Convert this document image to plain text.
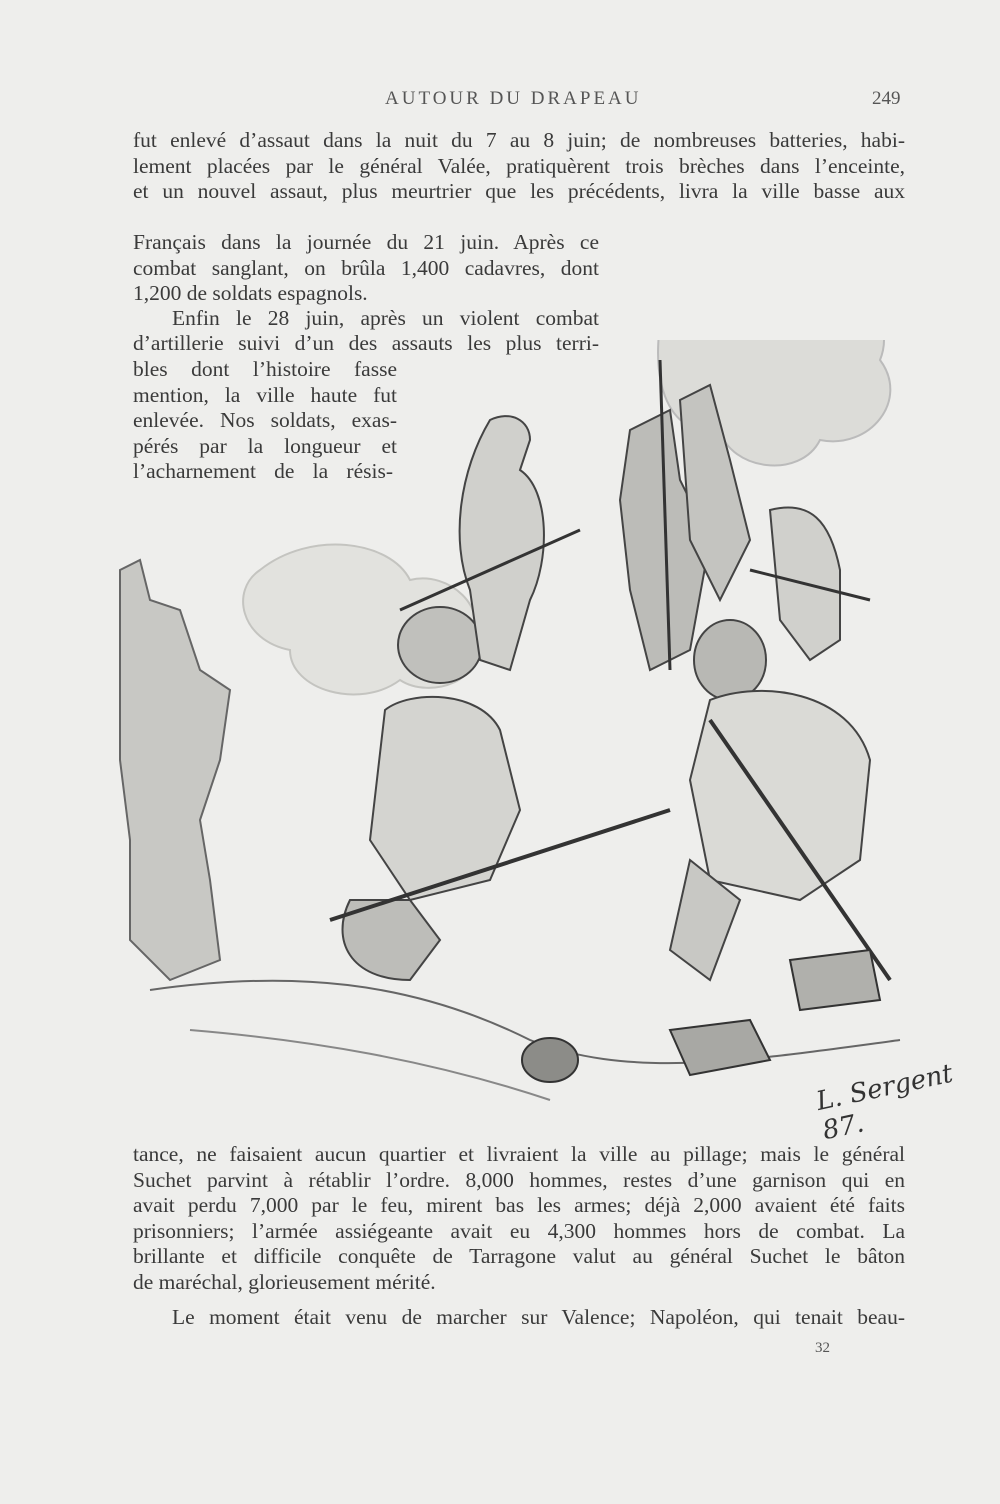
AUTOUR DU DRAPEAU	249
fut enlevé d’assaut dans la nuit du 7 au 8 juin; de nombreuses batteries, habi-
lement placées par le général Valée, pratiquèrent trois brèches dans l’enceinte,
et un nouvel assaut, plus meurtrier que les précédents, livra la ville basse aux
Français dans la journée du 21 juin. Après ce
combat sanglant, on brûla 1,400 cadavres, dont
1,200 de soldats espagnols.
Enfin le 28 juin, après un violent combat
d’artillerie suivi d’un des assauts les plus terri-
bles dont l’histoire fasse
mention, la ville haute fut
enlevée. Nos soldats, exas-
pérés par la longueur et
l’acharnement de la résis-
L. Sergent 87.
tance, ne faisaient aucun quartier et livraient la ville au pillage; mais le général
Suchet parvint à rétablir l’ordre. 8,000 hommes, restes d’une garnison qui en
avait perdu 7,000 par le feu, mirent bas les armes; déjà 2,000 avaient été faits
prisonniers; l’armée assiégeante avait eu 4,300 hommes hors de combat. La
brillante et difficile conquête de Tarragone valut au général Suchet le bâton
de maréchal, glorieusement mérité.
Le moment était venu de marcher sur Valence; Napoléon, qui tenait beau-
32
